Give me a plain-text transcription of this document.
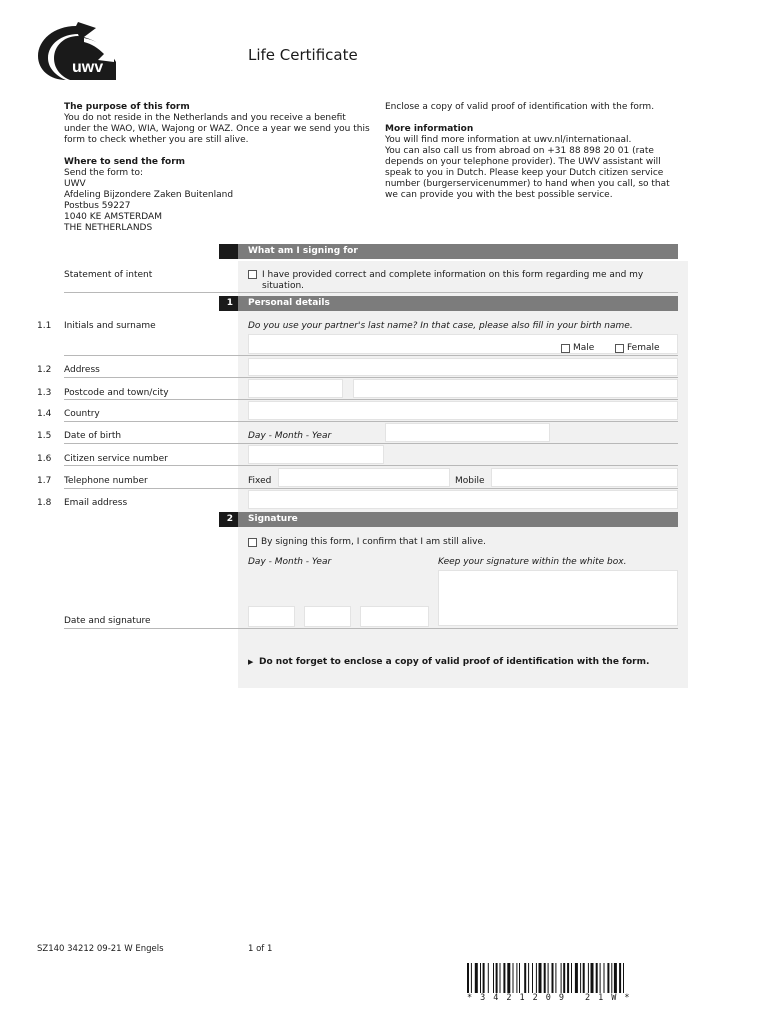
uwv
Life Certificate
The purpose of this form
You do not reside in the Netherlands and you receive a benefit
under the WAO, WIA, Wajong or WAZ. Once a year we send you this
form to check whether you are still alive.
Where to send the form
Send the form to:
UWV
Afdeling Bijzondere Zaken Buitenland
Postbus 59227
1040 KE AMSTERDAM
THE NETHERLANDS
Enclose a copy of valid proof of identification with the form.
More information
You will find more information at uwv.nl/internationaal.
You can also call us from abroad on +31 88 898 20 01 (rate
depends on your telephone provider). The UWV assistant will
speak to you in Dutch. Please keep your Dutch citizen service
number (burgerservicenummer) to hand when you call, so that
we can provide you with the best possible service.
What am I signing for
Statement of intent	I have provided correct and complete information on this form regarding me and my
situation.
1	Personal details
1.1 Initials and surname	Do you use your partner's last name? In that case, please also fill in your birth name.
Male	Female
1.2 Address
1.3 Postcode and town/city
1.4 Country
1.5 Date of birth	Day - Month - Year
1.6 Citizen service number
1.7 Telephone number	Fixed	Mobile
1.8 Email address
2	Signature
By signing this form, I confirm that I am still alive.
Day - Month - Year	Keep your signature within the white box.
Date and signature
▶ Do not forget to enclose a copy of valid proof of identification with the form.
SZ140 34212 09-21 W Engels	1 of 1
*3421209 21W*
